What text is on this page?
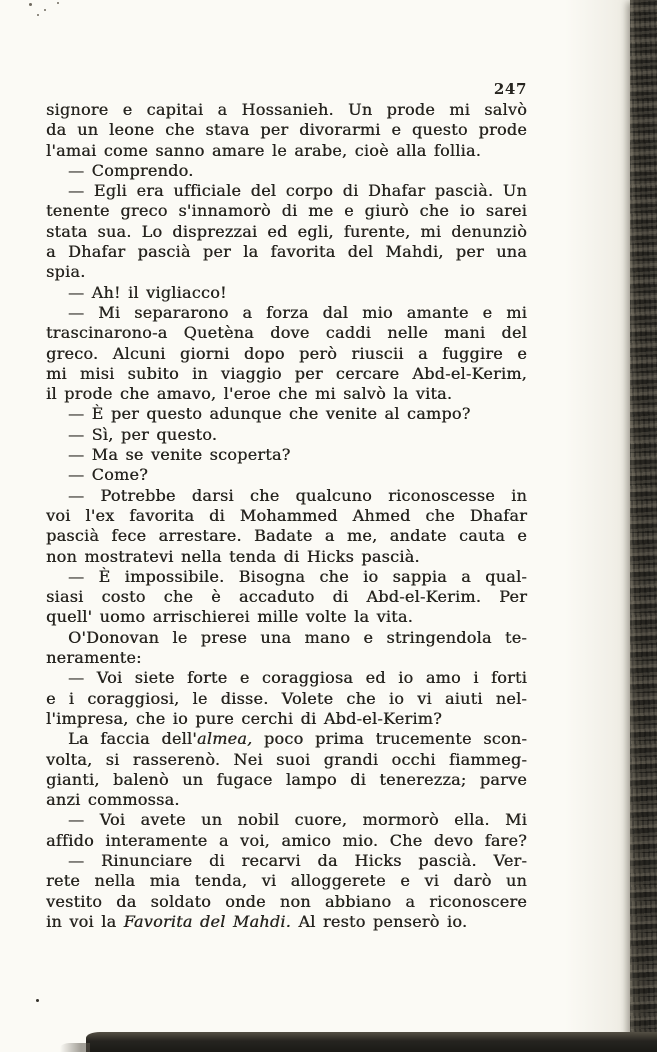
247
signore e capitai a Hossanieh. Un prode mi salvò
da un leone che stava per divorarmi e questo prode
l'amai come sanno amare le arabe, cioè alla follia.
— Comprendo.
— Egli era ufficiale del corpo di Dhafar pascià. Un
tenente greco s'innamorò di me e giurò che io sarei
stata sua. Lo disprezzai ed egli, furente, mi denunziò
a Dhafar pascià per la favorita del Mahdi, per una spia.
— Ah! il vigliacco!
— Mi separarono a forza dal mio amante e mi
trascinarono-a Quetèna dove caddi nelle mani del
greco. Alcuni giorni dopo però riuscii a fuggire e
mi misi subito in viaggio per cercare Abd-el-Kerim,
il prode che amavo, l'eroe che mi salvò la vita.
— È per questo adunque che venite al campo?
— Sì, per questo.
— Ma se venite scoperta?
— Come?
— Potrebbe darsi che qualcuno riconoscesse in
voi l'ex favorita di Mohammed Ahmed che Dhafar
pascià fece arrestare. Badate a me, andate cauta e
non mostratevi nella tenda di Hicks pascià.
— È impossibile. Bisogna che io sappia a qual-
siasi costo che è accaduto di Abd-el-Kerim. Per
quell' uomo arrischierei mille volte la vita.
O'Donovan le prese una mano e stringendola te-
neramente:
— Voi siete forte e coraggiosa ed io amo i forti
e i coraggiosi, le disse. Volete che io vi aiuti nel-
l'impresa, che io pure cerchi di Abd-el-Kerim?
La faccia dell'almea, poco prima trucemente scon-
volta, si rasserenò. Nei suoi grandi occhi fiammeg-
gianti, balenò un fugace lampo di tenerezza; parve
anzi commossa.
— Voi avete un nobil cuore, mormorò ella. Mi
affido interamente a voi, amico mio. Che devo fare?
— Rinunciare di recarvi da Hicks pascià. Ver-
rete nella mia tenda, vi alloggerete e vi darò un
vestito da soldato onde non abbiano a riconoscere
in voi la Favorita del Mahdi. Al resto penserò io.
